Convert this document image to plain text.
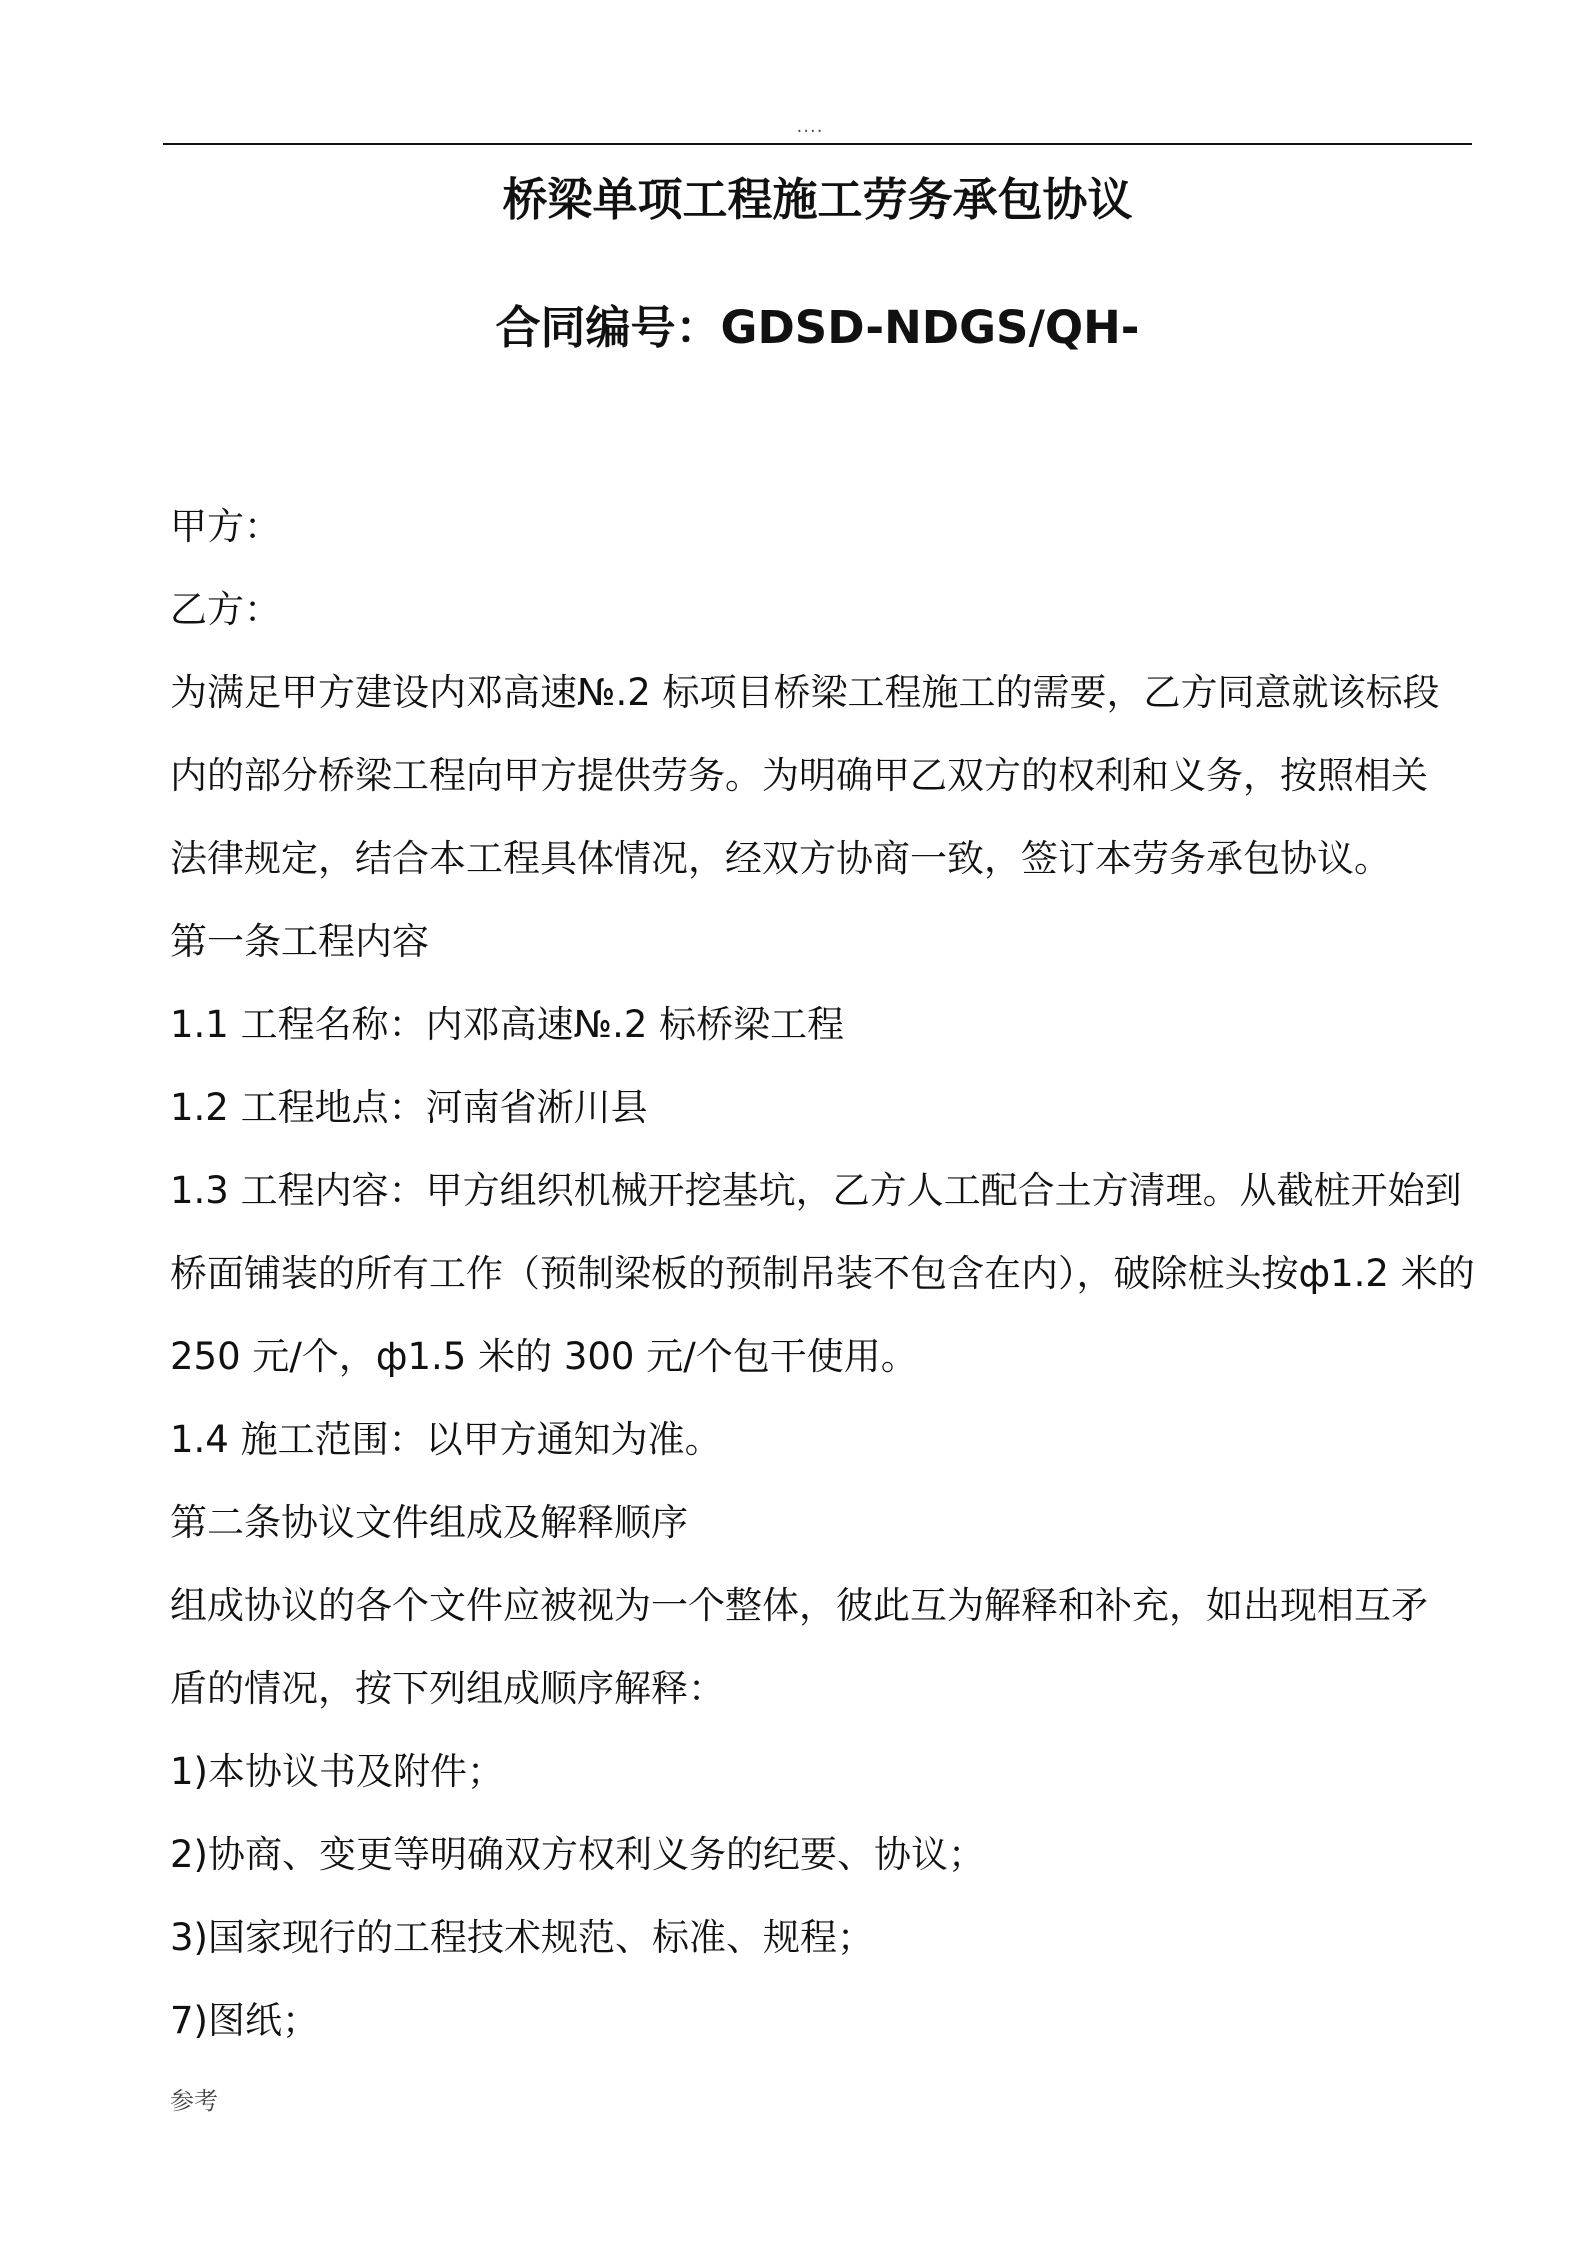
....
桥梁单项工程施工劳务承包协议
合同编号：GDSD-NDGS/QH-
甲方：
乙方：
为满足甲方建设内邓高速№.2 标项目桥梁工程施工的需要，乙方同意就该标段
内的部分桥梁工程向甲方提供劳务。为明确甲乙双方的权利和义务，按照相关
法律规定，结合本工程具体情况，经双方协商一致，签订本劳务承包协议。
第一条工程内容
1.1 工程名称：内邓高速№.2 标桥梁工程
1.2 工程地点：河南省淅川县
1.3 工程内容：甲方组织机械开挖基坑，乙方人工配合土方清理。从截桩开始到
桥面铺装的所有工作（预制梁板的预制吊装不包含在内），破除桩头按ф1.2 米的
250 元/个，ф1.5 米的 300 元/个包干使用。
1.4 施工范围：以甲方通知为准。
第二条协议文件组成及解释顺序
组成协议的各个文件应被视为一个整体，彼此互为解释和补充，如出现相互矛
盾的情况，按下列组成顺序解释：
1)本协议书及附件；
2)协商、变更等明确双方权利义务的纪要、协议；
3)国家现行的工程技术规范、标准、规程；
7)图纸；
参考
